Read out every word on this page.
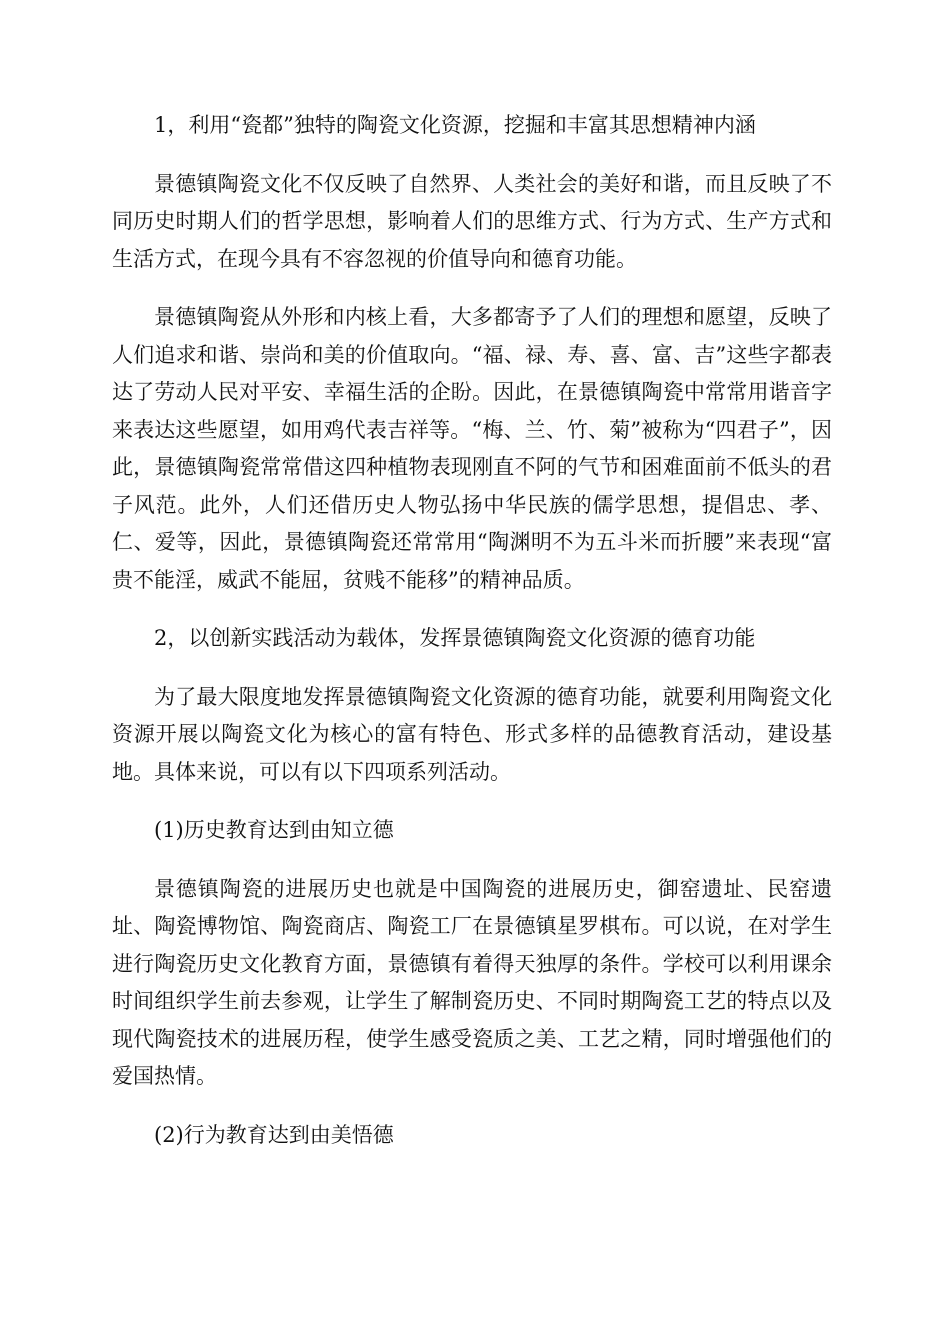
1，利用“瓷都”独特的陶瓷文化资源，挖掘和丰富其思想精神内涵

景德镇陶瓷文化不仅反映了自然界、人类社会的美好和谐，而且反映了不同历史时期人们的哲学思想，影响着人们的思维方式、行为方式、生产方式和生活方式，在现今具有不容忽视的价值导向和德育功能。

景德镇陶瓷从外形和内核上看，大多都寄予了人们的理想和愿望，反映了人们追求和谐、崇尚和美的价值取向。“福、禄、寿、喜、富、吉”这些字都表达了劳动人民对平安、幸福生活的企盼。因此，在景德镇陶瓷中常常用谐音字来表达这些愿望，如用鸡代表吉祥等。“梅、兰、竹、菊”被称为“四君子”，因此，景德镇陶瓷常常借这四种植物表现刚直不阿的气节和困难面前不低头的君子风范。此外，人们还借历史人物弘扬中华民族的儒学思想，提倡忠、孝、仁、爱等，因此，景德镇陶瓷还常常用“陶渊明不为五斗米而折腰”来表现“富贵不能淫，威武不能屈，贫贱不能移”的精神品质。

2，以创新实践活动为载体，发挥景德镇陶瓷文化资源的德育功能

为了最大限度地发挥景德镇陶瓷文化资源的德育功能，就要利用陶瓷文化资源开展以陶瓷文化为核心的富有特色、形式多样的品德教育活动，建设基地。具体来说，可以有以下四项系列活动。

(1)历史教育达到由知立德

景德镇陶瓷的进展历史也就是中国陶瓷的进展历史，御窑遗址、民窑遗址、陶瓷博物馆、陶瓷商店、陶瓷工厂在景德镇星罗棋布。可以说，在对学生进行陶瓷历史文化教育方面，景德镇有着得天独厚的条件。学校可以利用课余时间组织学生前去参观，让学生了解制瓷历史、不同时期陶瓷工艺的特点以及现代陶瓷技术的进展历程，使学生感受瓷质之美、工艺之精，同时增强他们的爱国热情。

(2)行为教育达到由美悟德
